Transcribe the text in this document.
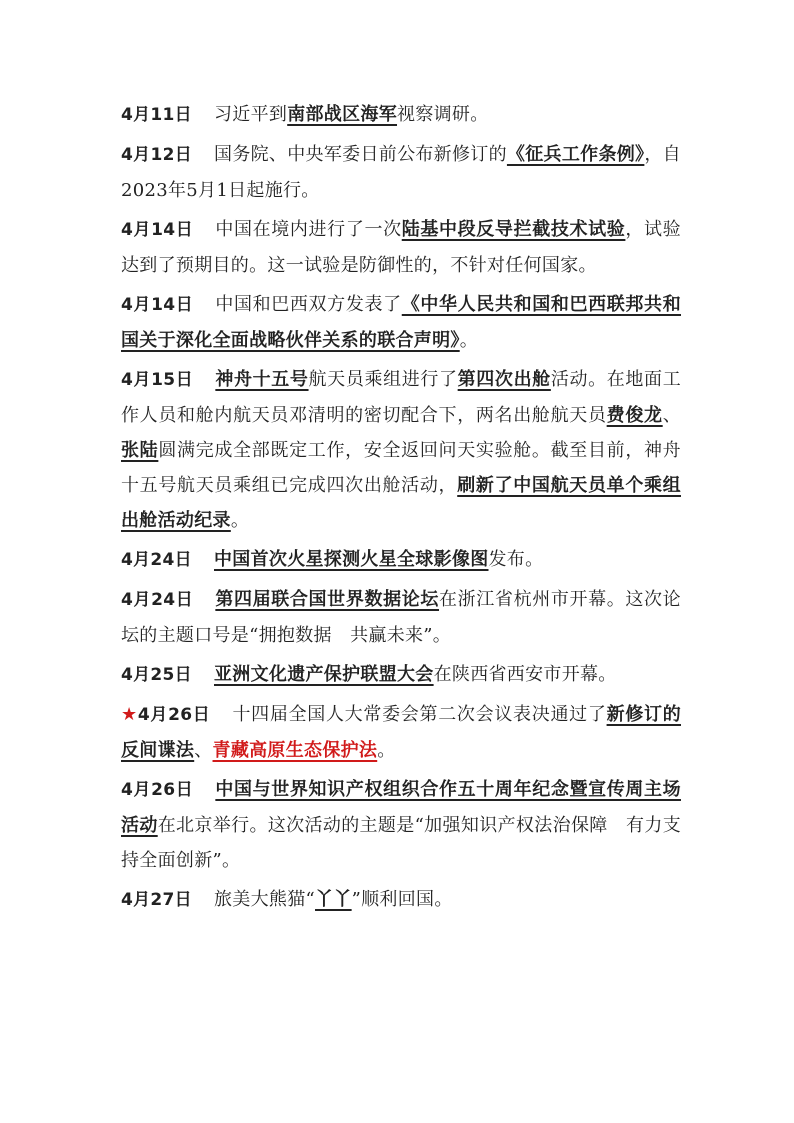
4月11日 习近平到南部战区海军视察调研。

4月12日 国务院、中央军委日前公布新修订的《征兵工作条例》，自2023年5月1日起施行。

4月14日 中国在境内进行了一次陆基中段反导拦截技术试验，试验达到了预期目的。这一试验是防御性的，不针对任何国家。

4月14日 中国和巴西双方发表了《中华人民共和国和巴西联邦共和国关于深化全面战略伙伴关系的联合声明》。

4月15日 神舟十五号航天员乘组进行了第四次出舱活动。在地面工作人员和舱内航天员邓清明的密切配合下，两名出舱航天员费俊龙、张陆圆满完成全部既定工作，安全返回问天实验舱。截至目前，神舟十五号航天员乘组已完成四次出舱活动，刷新了中国航天员单个乘组出舱活动纪录。

4月24日 中国首次火星探测火星全球影像图发布。

4月24日 第四届联合国世界数据论坛在浙江省杭州市开幕。这次论坛的主题口号是“拥抱数据　共赢未来”。

4月25日 亚洲文化遗产保护联盟大会在陕西省西安市开幕。

★4月26日 十四届全国人大常委会第二次会议表决通过了新修订的反间谍法、青藏高原生态保护法。

4月26日 中国与世界知识产权组织合作五十周年纪念暨宣传周主场活动在北京举行。这次活动的主题是“加强知识产权法治保障　有力支持全面创新”。

4月27日 旅美大熊猫“丫丫”顺利回国。
